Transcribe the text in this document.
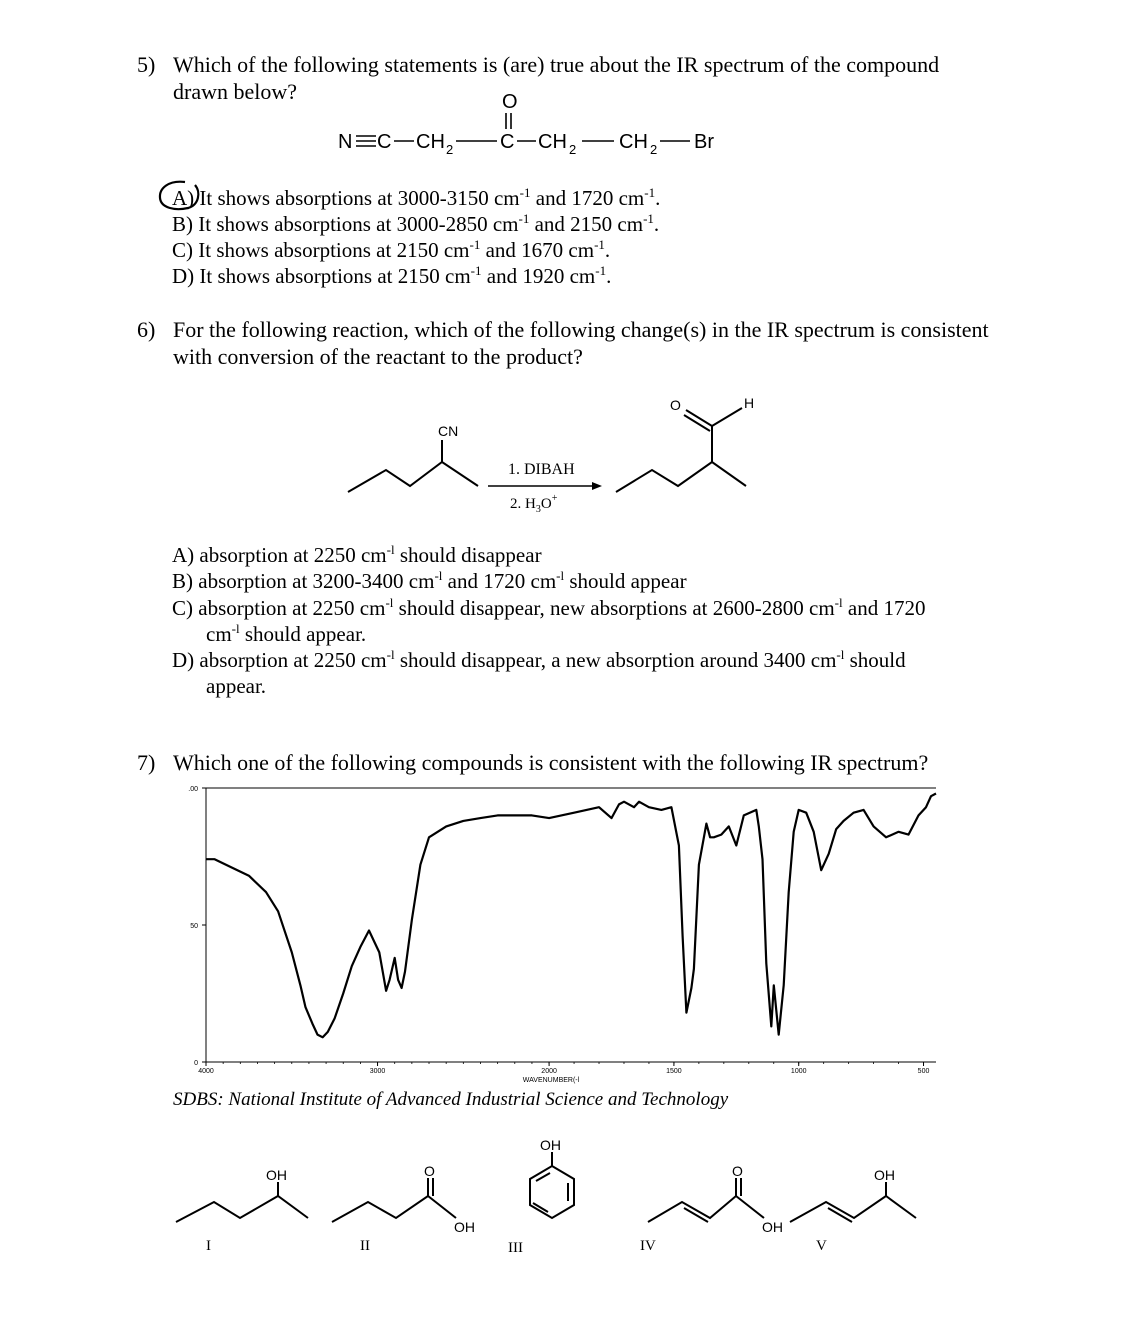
5) Which of the following statements is (are) true about the IR spectrum of the compound
drawn below?	O
N C CH 2 C CH 2 CH 2 Br
A) It shows absorptions at 3000-3150 $cm^{-1}$ and 1720 $cm^{-1}$.
B) It shows absorptions at 3000-2850 $cm^{-1}$ and 2150 $cm^{-1}$.
C) It shows absorptions at 2150 $cm^{-1}$ and 1670 $cm^{-1}$.
D) It shows absorptions at 2150 $cm^{-1}$ and 1920 $cm^{-1}$.
6) For the following reaction, which of the following change(s) in the IR spectrum is consistent
with conversion of the reactant to the product?
CN
1. DIBAH
2. $H_3O^+$
O	H
A) absorption at 2250 $cm^{-l}$ should disappear
B) absorption at 3200-3400 $cm^{-l}$ and 1720 $cm^{-l}$ should appear
C) absorption at 2250 $cm^{-l}$ should disappear, new absorptions at 2600-2800 $cm^{-l}$ and 1720
$cm^{-l}$ should appear.
D) absorption at 2250 $cm^{-l}$ should disappear, a new absorption around 3400 $cm^{-l}$ should
appear.
7) Which one of the following compounds is consistent with the following IR spectrum?
.00
50
0
4000	3000	2000	1500	1000	500
WAVENUMBER(-l
SDBS: National Institute of Advanced Industrial Science and Technology
OH
I
O
OH
II
OH
III
O
OH
IV
OH
V
